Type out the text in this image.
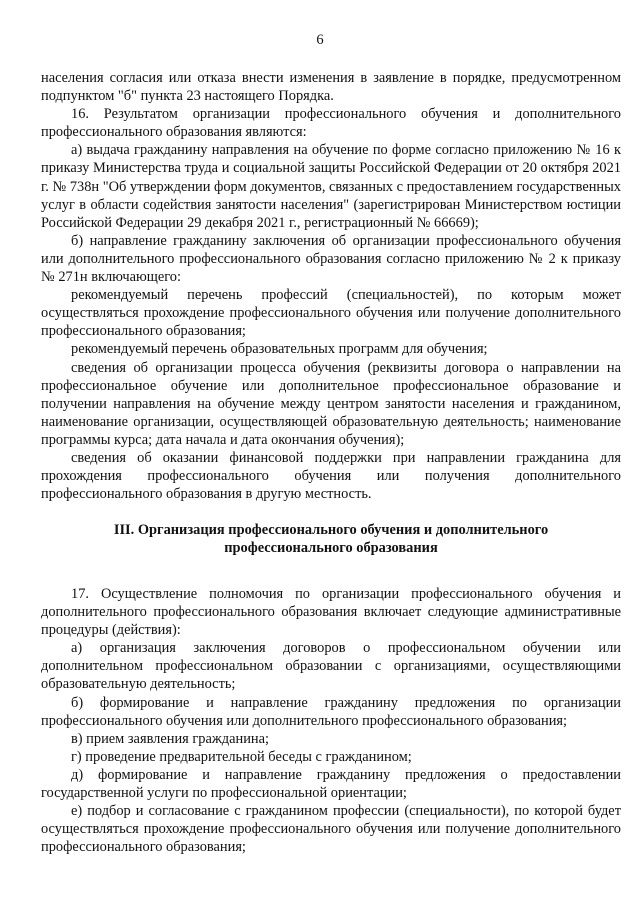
6

населения согласия или отказа внести изменения в заявление в порядке, предусмотренном подпунктом "б" пункта 23 настоящего Порядка.

16. Результатом организации профессионального обучения и дополнительного профессионального образования являются:

а) выдача гражданину направления на обучение по форме согласно приложению № 16 к приказу Министерства труда и социальной защиты Российской Федерации от 20 октября 2021 г. № 738н "Об утверждении форм документов, связанных с предоставлением государственных услуг в области содействия занятости населения" (зарегистрирован Министерством юстиции Российской Федерации 29 декабря 2021 г., регистрационный № 66669);

б) направление гражданину заключения об организации профессионального обучения или дополнительного профессионального образования согласно приложению № 2 к приказу № 271н включающего:

рекомендуемый перечень профессий (специальностей), по которым может осуществляться прохождение профессионального обучения или получение дополнительного профессионального образования;

рекомендуемый перечень образовательных программ для обучения;

сведения об организации процесса обучения (реквизиты договора о направлении на профессиональное обучение или дополнительное профессиональное образование и получении направления на обучение между центром занятости населения и гражданином, наименование организации, осуществляющей образовательную деятельность; наименование программы курса; дата начала и дата окончания обучения);

сведения об оказании финансовой поддержки при направлении гражданина для прохождения профессионального обучения или получения дополнительного профессионального образования в другую местность.

III. Организация профессионального обучения и дополнительного
профессионального образования

17. Осуществление полномочия по организации профессионального обучения и дополнительного профессионального образования включает следующие административные процедуры (действия):

а) организация заключения договоров о профессиональном обучении или дополнительном профессиональном образовании с организациями, осуществляющими образовательную деятельность;

б) формирование и направление гражданину предложения по организации профессионального обучения или дополнительного профессионального образования;

в) прием заявления гражданина;

г) проведение предварительной беседы с гражданином;

д) формирование и направление гражданину предложения о предоставлении государственной услуги по профессиональной ориентации;

е) подбор и согласование с гражданином профессии (специальности), по которой будет осуществляться прохождение профессионального обучения или получение дополнительного профессионального образования;
